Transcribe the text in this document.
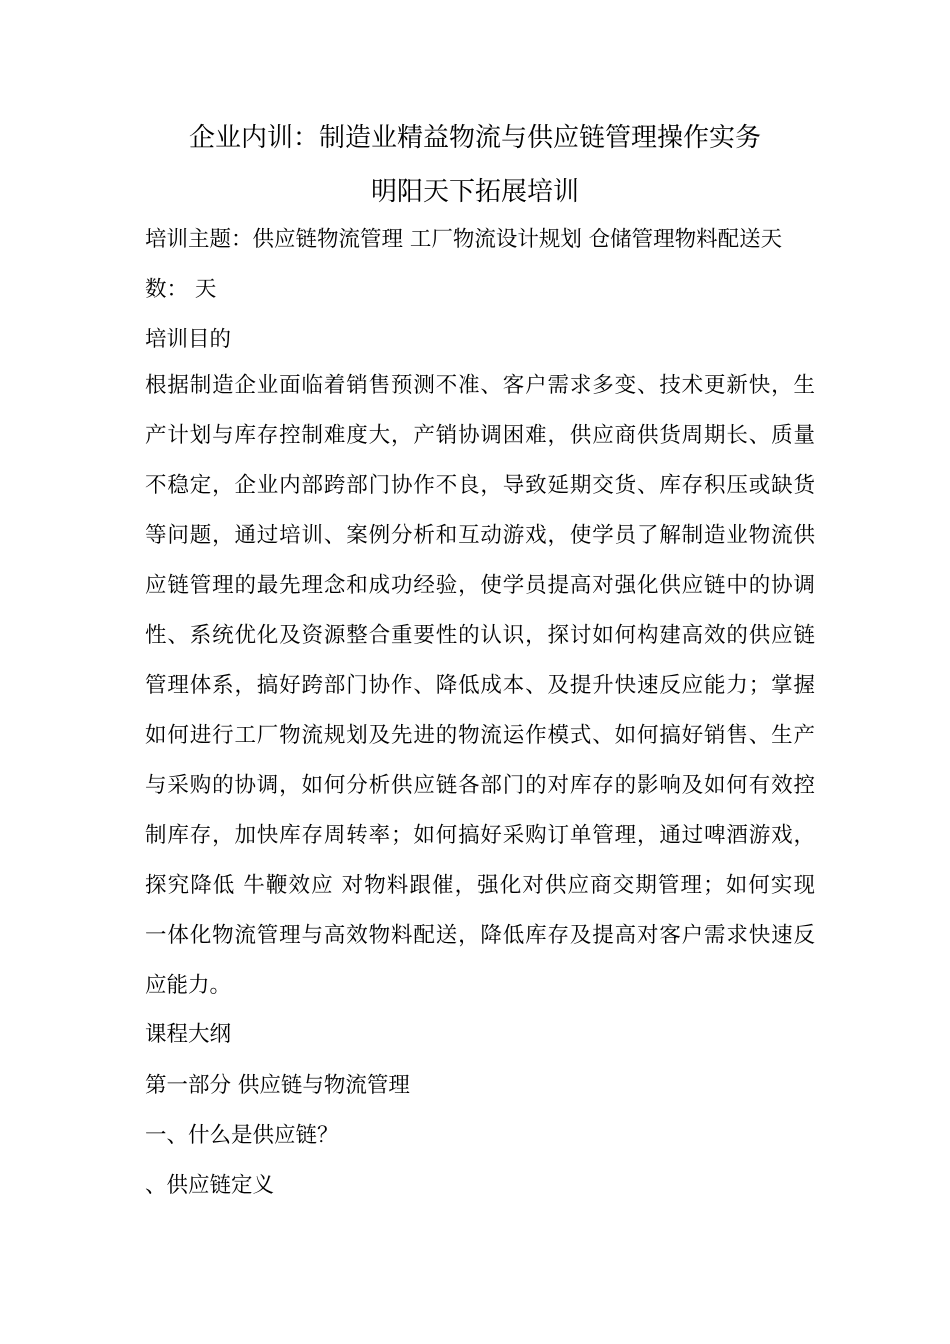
企业内训：制造业精益物流与供应链管理操作实务
明阳天下拓展培训

培训主题：供应链物流管理 工厂物流设计规划 仓储管理物料配送天

数： 天

培训目的

根据制造企业面临着销售预测不准、客户需求多变、技术更新快，生
产计划与库存控制难度大，产销协调困难，供应商供货周期长、质量
不稳定，企业内部跨部门协作不良，导致延期交货、库存积压或缺货
等问题，通过培训、案例分析和互动游戏，使学员了解制造业物流供
应链管理的最先理念和成功经验，使学员提高对强化供应链中的协调
性、系统优化及资源整合重要性的认识，探讨如何构建高效的供应链
管理体系，搞好跨部门协作、降低成本、及提升快速反应能力；掌握
如何进行工厂物流规划及先进的物流运作模式、如何搞好销售、生产
与采购的协调，如何分析供应链各部门的对库存的影响及如何有效控
制库存，加快库存周转率；如何搞好采购订单管理，通过啤酒游戏，
探究降低 牛鞭效应 对物料跟催，强化对供应商交期管理；如何实现
一体化物流管理与高效物料配送，降低库存及提高对客户需求快速反
应能力。

课程大纲

第一部分 供应链与物流管理

一、什么是供应链？

、供应链定义
